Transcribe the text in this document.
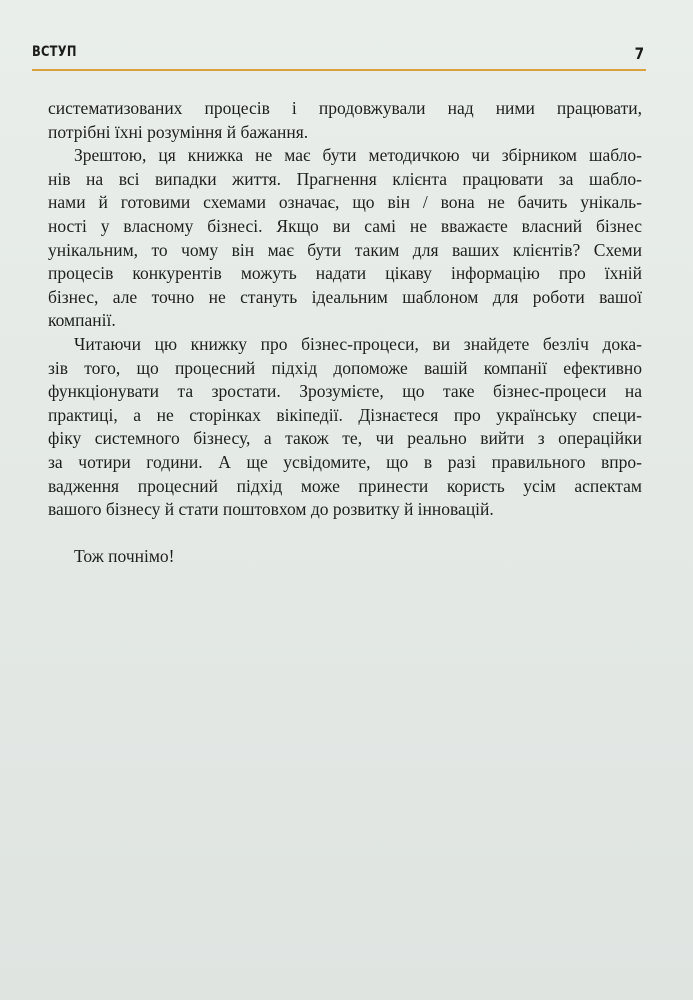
ВСТУП	7
систематизованих процесів і продовжували над ними працювати,
потрібні їхні розуміння й бажання.
Зрештою, ця книжка не має бути методичкою чи збірником шабло-
нів на всі випадки життя. Прагнення клієнта працювати за шабло-
нами й готовими схемами означає, що він / вона не бачить унікаль-
ності у власному бізнесі. Якщо ви самі не вважаєте власний бізнес
унікальним, то чому він має бути таким для ваших клієнтів? Схеми
процесів конкурентів можуть надати цікаву інформацію про їхній
бізнес, але точно не стануть ідеальним шаблоном для роботи вашої
компанії.
Читаючи цю книжку про бізнес-процеси, ви знайдете безліч дока-
зів того, що процесний підхід допоможе вашій компанії ефективно
функціонувати та зростати. Зрозумієте, що таке бізнес-процеси на
практиці, а не сторінках вікіпедії. Дізнаєтеся про українську специ-
фіку системного бізнесу, а також те, чи реально вийти з операційки
за чотири години. А ще усвідомите, що в разі правильного впро-
вадження процесний підхід може принести користь усім аспектам
вашого бізнесу й стати поштовхом до розвитку й інновацій.
Тож почнімо!
